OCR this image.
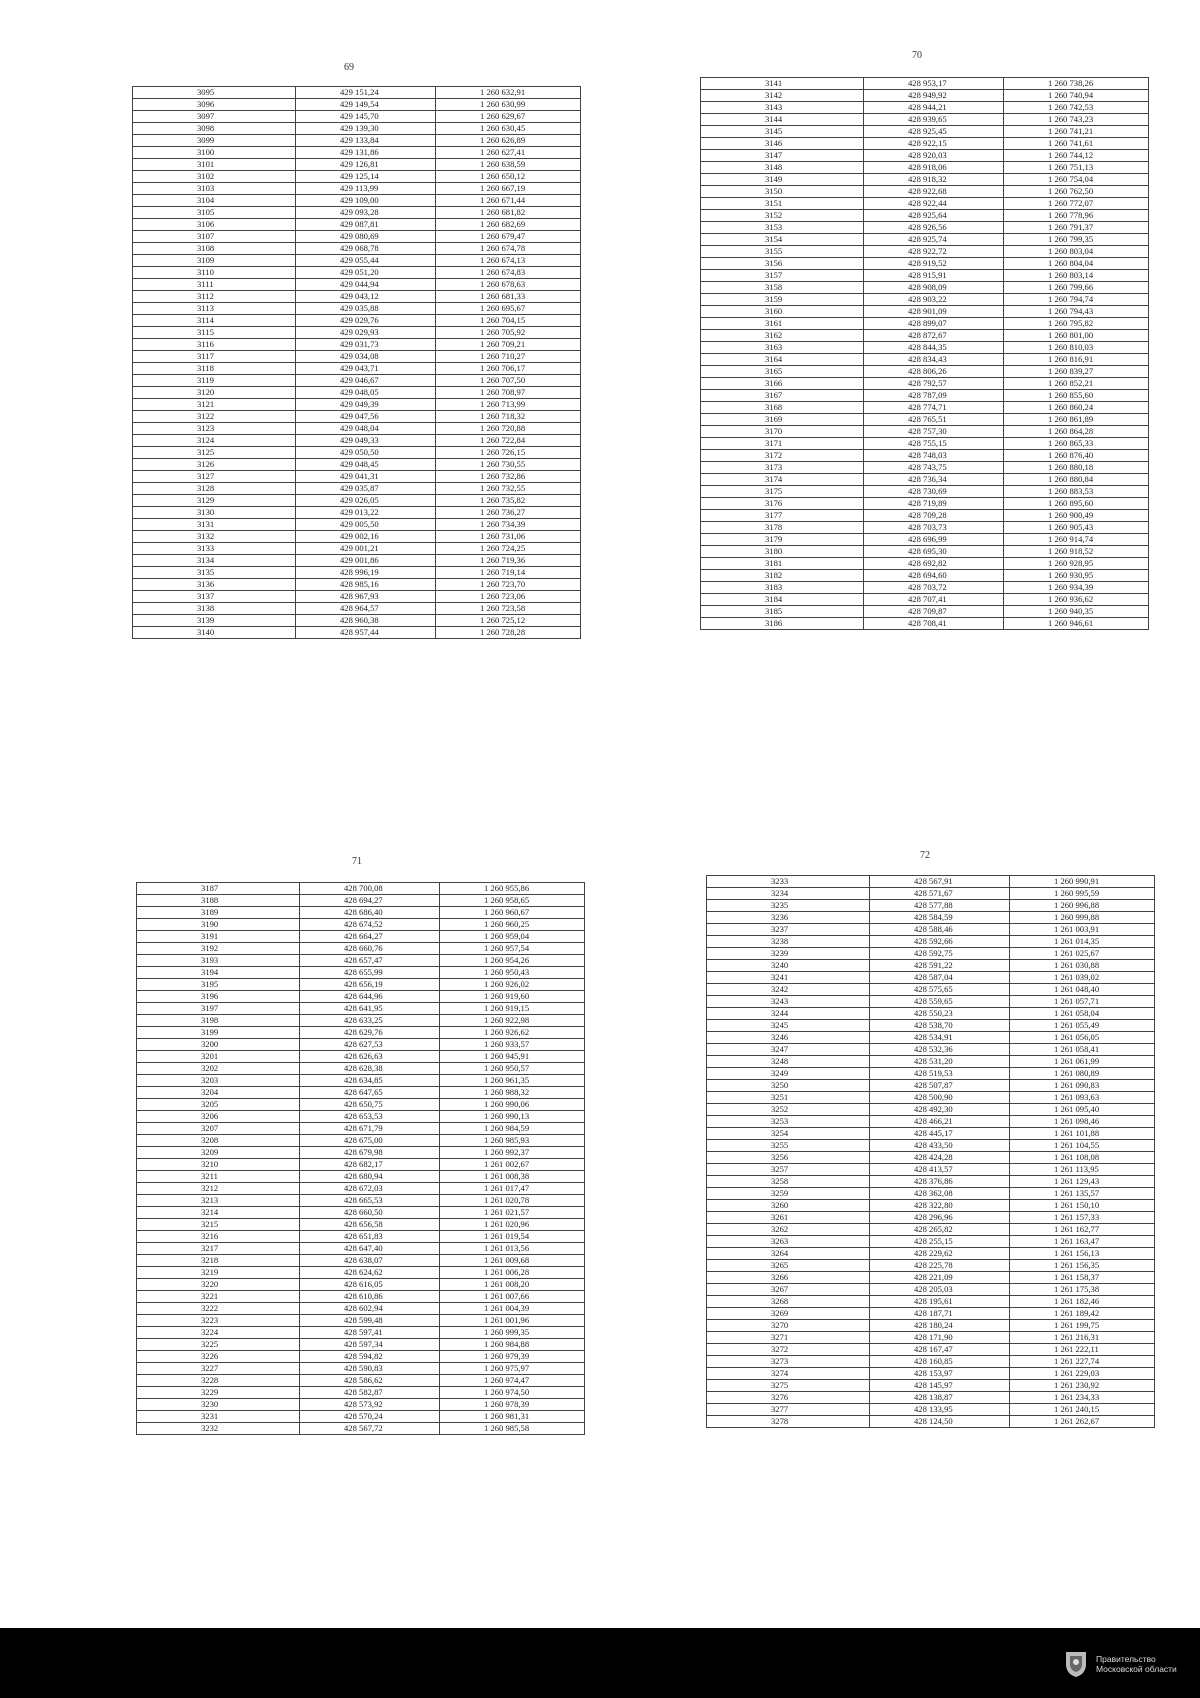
69
3095	429 151,24	1 260 632,91
3096	429 149,54	1 260 630,99
3097	429 145,70	1 260 629,67
3098	429 139,30	1 260 630,45
3099	429 133,84	1 260 626,89
3100	429 131,86	1 260 627,41
3101	429 126,81	1 260 638,59
3102	429 125,14	1 260 650,12
3103	429 113,99	1 260 667,19
3104	429 109,00	1 260 671,44
3105	429 093,28	1 260 681,82
3106	429 087,81	1 260 682,69
3107	429 080,69	1 260 679,47
3108	429 068,78	1 260 674,78
3109	429 055,44	1 260 674,13
3110	429 051,20	1 260 674,83
3111	429 044,94	1 260 678,63
3112	429 043,12	1 260 681,33
3113	429 035,88	1 260 695,67
3114	429 029,76	1 260 704,15
3115	429 029,93	1 260 705,92
3116	429 031,73	1 260 709,21
3117	429 034,08	1 260 710,27
3118	429 043,71	1 260 706,17
3119	429 046,67	1 260 707,50
3120	429 048,05	1 260 708,97
3121	429 049,39	1 260 713,99
3122	429 047,56	1 260 718,32
3123	429 048,04	1 260 720,88
3124	429 049,33	1 260 722,84
3125	429 050,50	1 260 726,15
3126	429 048,45	1 260 730,55
3127	429 041,31	1 260 732,86
3128	429 035,87	1 260 732,55
3129	429 026,05	1 260 735,82
3130	429 013,22	1 260 736,27
3131	429 005,50	1 260 734,39
3132	429 002,16	1 260 731,06
3133	429 001,21	1 260 724,25
3134	429 001,86	1 260 719,36
3135	428 996,19	1 260 719,14
3136	428 985,16	1 260 723,70
3137	428 967,93	1 260 723,06
3138	428 964,57	1 260 723,58
3139	428 960,38	1 260 725,12
3140	428 957,44	1 260 728,28
70
3141	428 953,17	1 260 738,26
3142	428 949,92	1 260 740,94
3143	428 944,21	1 260 742,53
3144	428 939,65	1 260 743,23
3145	428 925,45	1 260 741,21
3146	428 922,15	1 260 741,61
3147	428 920,03	1 260 744,12
3148	428 918,06	1 260 751,13
3149	428 918,32	1 260 754,04
3150	428 922,68	1 260 762,50
3151	428 922,44	1 260 772,07
3152	428 925,64	1 260 778,96
3153	428 926,56	1 260 791,37
3154	428 925,74	1 260 799,35
3155	428 922,72	1 260 803,04
3156	428 919,52	1 260 804,04
3157	428 915,91	1 260 803,14
3158	428 908,09	1 260 799,66
3159	428 903,22	1 260 794,74
3160	428 901,09	1 260 794,43
3161	428 899,07	1 260 795,82
3162	428 872,67	1 260 801,00
3163	428 844,35	1 260 810,03
3164	428 834,43	1 260 816,91
3165	428 806,26	1 260 839,27
3166	428 792,57	1 260 852,21
3167	428 787,09	1 260 855,60
3168	428 774,71	1 260 860,24
3169	428 765,51	1 260 861,89
3170	428 757,30	1 260 864,28
3171	428 755,15	1 260 865,33
3172	428 748,03	1 260 876,40
3173	428 743,75	1 260 880,18
3174	428 736,34	1 260 880,84
3175	428 730,69	1 260 883,53
3176	428 719,89	1 260 895,60
3177	428 709,28	1 260 900,49
3178	428 703,73	1 260 905,43
3179	428 696,99	1 260 914,74
3180	428 695,30	1 260 918,52
3181	428 692,82	1 260 928,95
3182	428 694,60	1 260 930,95
3183	428 703,72	1 260 934,39
3184	428 707,41	1 260 936,62
3185	428 709,87	1 260 940,35
3186	428 708,41	1 260 946,61
71
3187	428 700,08	1 260 955,86
3188	428 694,27	1 260 958,65
3189	428 686,40	1 260 960,67
3190	428 674,52	1 260 960,25
3191	428 664,27	1 260 959,04
3192	428 660,76	1 260 957,54
3193	428 657,47	1 260 954,26
3194	428 655,99	1 260 950,43
3195	428 656,19	1 260 926,02
3196	428 644,96	1 260 919,60
3197	428 641,95	1 260 919,15
3198	428 633,25	1 260 922,98
3199	428 629,76	1 260 926,62
3200	428 627,53	1 260 933,57
3201	428 626,63	1 260 945,91
3202	428 628,38	1 260 950,57
3203	428 634,85	1 260 961,35
3204	428 647,65	1 260 988,32
3205	428 650,75	1 260 990,06
3206	428 653,53	1 260 990,13
3207	428 671,79	1 260 984,59
3208	428 675,00	1 260 985,93
3209	428 679,98	1 260 992,37
3210	428 682,17	1 261 002,67
3211	428 680,94	1 261 008,38
3212	428 672,03	1 261 017,47
3213	428 665,53	1 261 020,78
3214	428 660,50	1 261 021,57
3215	428 656,58	1 261 020,96
3216	428 651,83	1 261 019,54
3217	428 647,40	1 261 013,56
3218	428 638,07	1 261 009,68
3219	428 624,62	1 261 006,28
3220	428 616,05	1 261 008,20
3221	428 610,86	1 261 007,66
3222	428 602,94	1 261 004,39
3223	428 599,48	1 261 001,96
3224	428 597,41	1 260 999,35
3225	428 597,34	1 260 984,88
3226	428 594,82	1 260 979,39
3227	428 590,83	1 260 975,97
3228	428 586,62	1 260 974,47
3229	428 582,87	1 260 974,50
3230	428 573,92	1 260 978,39
3231	428 570,24	1 260 981,31
3232	428 567,72	1 260 985,58
72
3233	428 567,91	1 260 990,91
3234	428 571,67	1 260 995,59
3235	428 577,88	1 260 996,88
3236	428 584,59	1 260 999,88
3237	428 588,46	1 261 003,91
3238	428 592,66	1 261 014,35
3239	428 592,75	1 261 025,67
3240	428 591,22	1 261 030,88
3241	428 587,04	1 261 039,02
3242	428 575,65	1 261 048,40
3243	428 559,65	1 261 057,71
3244	428 550,23	1 261 058,04
3245	428 538,70	1 261 055,49
3246	428 534,91	1 261 056,05
3247	428 532,36	1 261 058,41
3248	428 531,20	1 261 061,99
3249	428 519,53	1 261 080,89
3250	428 507,87	1 261 090,83
3251	428 500,90	1 261 093,63
3252	428 492,30	1 261 095,40
3253	428 466,21	1 261 098,46
3254	428 445,17	1 261 101,88
3255	428 433,50	1 261 104,55
3256	428 424,28	1 261 108,08
3257	428 413,57	1 261 113,95
3258	428 376,86	1 261 129,43
3259	428 362,08	1 261 135,57
3260	428 322,80	1 261 150,10
3261	428 296,96	1 261 157,33
3262	428 265,82	1 261 162,77
3263	428 255,15	1 261 163,47
3264	428 229,62	1 261 156,13
3265	428 225,78	1 261 156,35
3266	428 221,09	1 261 158,37
3267	428 205,03	1 261 175,38
3268	428 195,61	1 261 182,46
3269	428 187,71	1 261 189,42
3270	428 180,24	1 261 199,75
3271	428 171,90	1 261 216,31
3272	428 167,47	1 261 222,11
3273	428 160,85	1 261 227,74
3274	428 153,97	1 261 229,03
3275	428 145,97	1 261 230,92
3276	428 138,87	1 261 234,33
3277	428 133,95	1 261 240,15
3278	428 124,50	1 261 262,67
Правительство
Московской области
